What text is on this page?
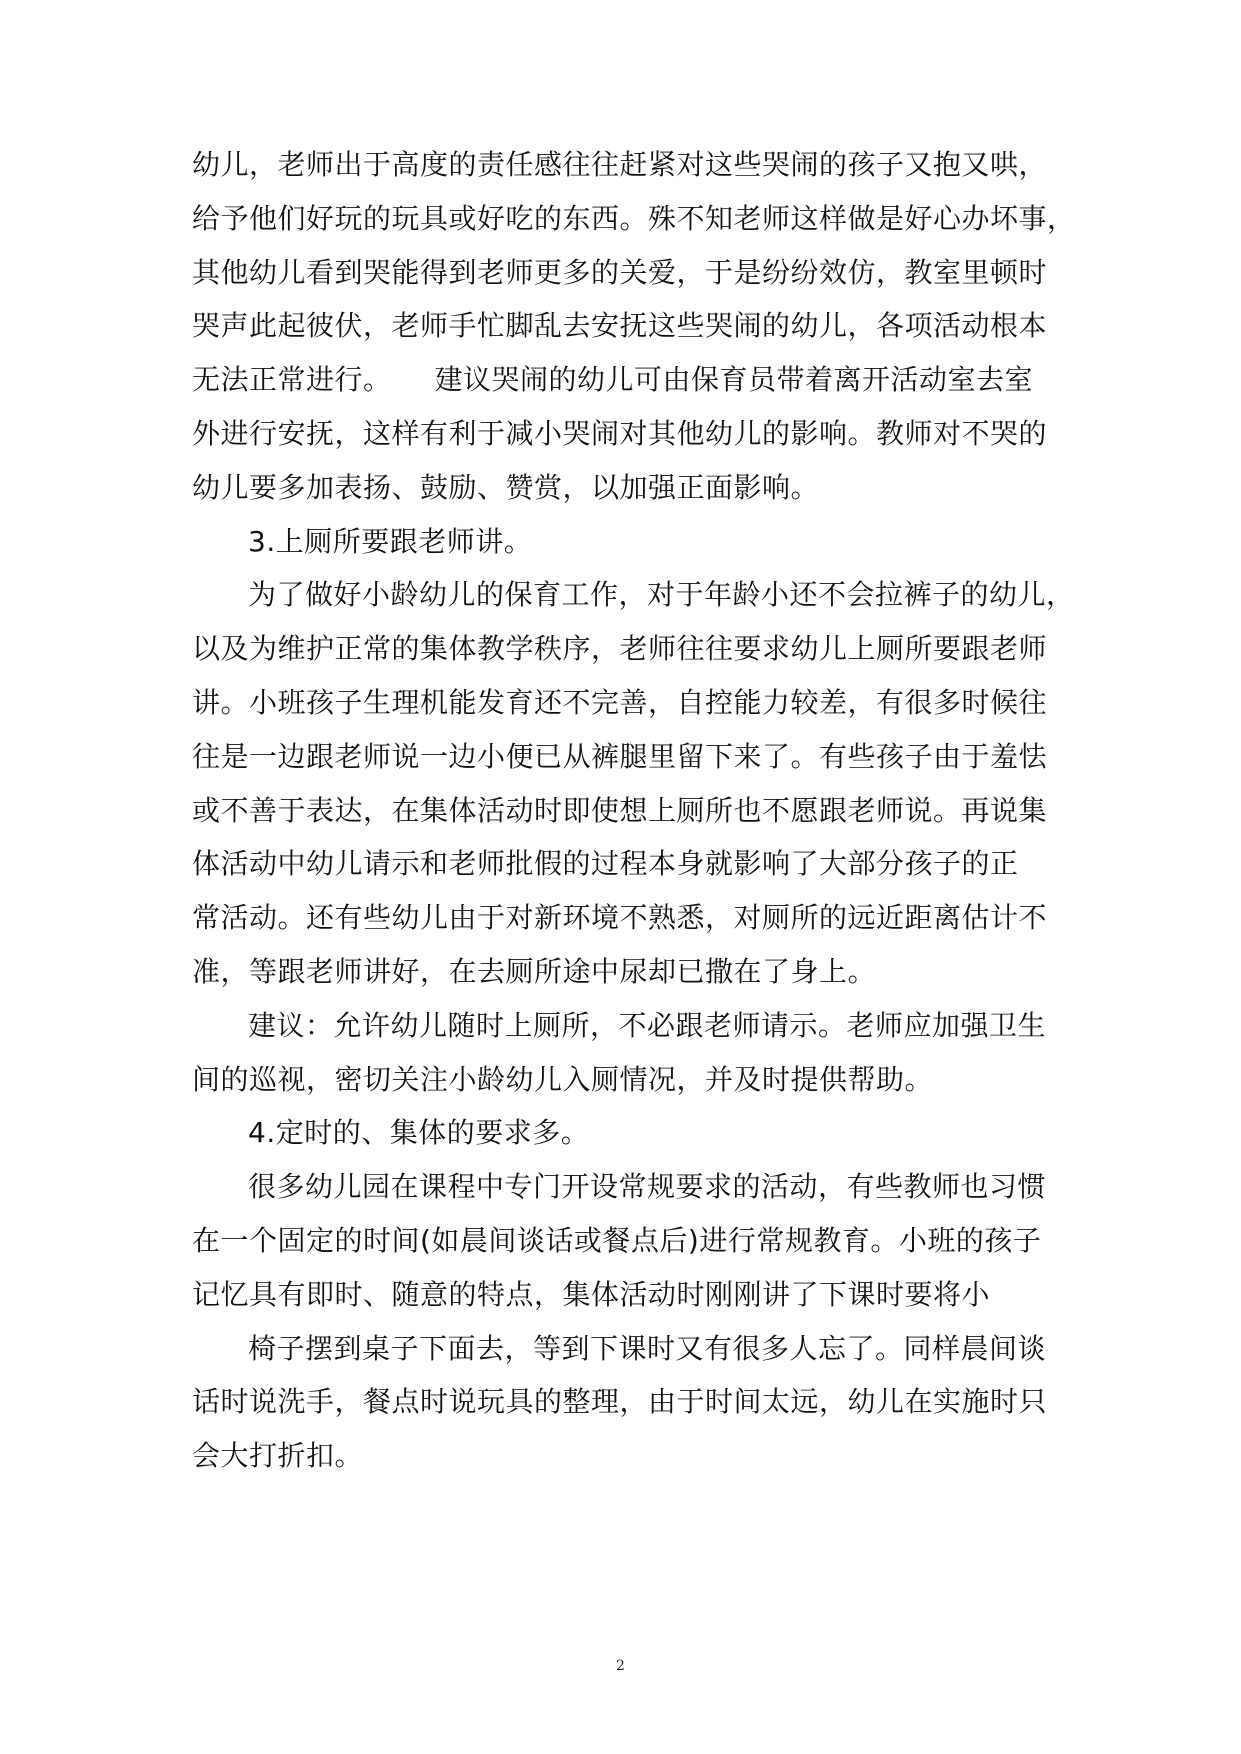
幼儿，老师出于高度的责任感往往赶紧对这些哭闹的孩子又抱又哄，
给予他们好玩的玩具或好吃的东西。殊不知老师这样做是好心办坏事，
其他幼儿看到哭能得到老师更多的关爱，于是纷纷效仿，教室里顿时
哭声此起彼伏，老师手忙脚乱去安抚这些哭闹的幼儿，各项活动根本
无法正常进行。　　建议哭闹的幼儿可由保育员带着离开活动室去室
外进行安抚，这样有利于减小哭闹对其他幼儿的影响。教师对不哭的
幼儿要多加表扬、鼓励、赞赏，以加强正面影响。
3.上厕所要跟老师讲。
为了做好小龄幼儿的保育工作，对于年龄小还不会拉裤子的幼儿，
以及为维护正常的集体教学秩序，老师往往要求幼儿上厕所要跟老师
讲。小班孩子生理机能发育还不完善，自控能力较差，有很多时候往
往是一边跟老师说一边小便已从裤腿里留下来了。有些孩子由于羞怯
或不善于表达，在集体活动时即使想上厕所也不愿跟老师说。再说集
体活动中幼儿请示和老师批假的过程本身就影响了大部分孩子的正
常活动。还有些幼儿由于对新环境不熟悉，对厕所的远近距离估计不
准，等跟老师讲好，在去厕所途中尿却已撒在了身上。
建议：允许幼儿随时上厕所，不必跟老师请示。老师应加强卫生
间的巡视，密切关注小龄幼儿入厕情况，并及时提供帮助。
4.定时的、集体的要求多。
很多幼儿园在课程中专门开设常规要求的活动，有些教师也习惯
在一个固定的时间(如晨间谈话或餐点后)进行常规教育。小班的孩子
记忆具有即时、随意的特点，集体活动时刚刚讲了下课时要将小
椅子摆到桌子下面去，等到下课时又有很多人忘了。同样晨间谈
话时说洗手，餐点时说玩具的整理，由于时间太远，幼儿在实施时只
会大打折扣。
2
